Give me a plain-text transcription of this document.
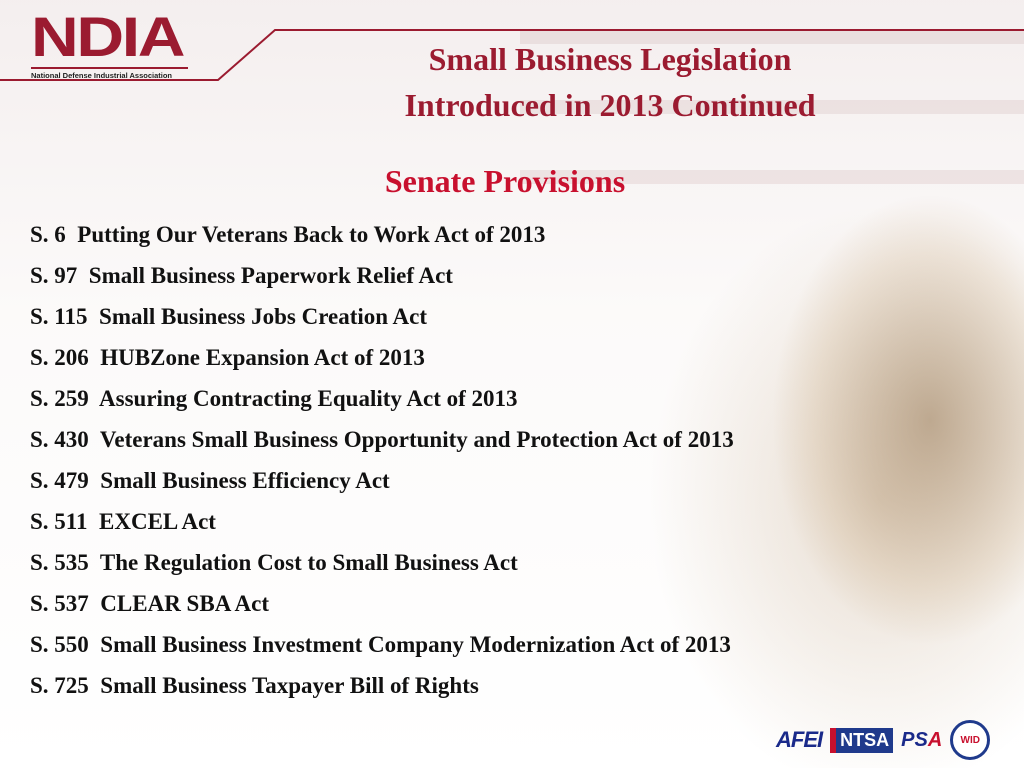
NDIA
National Defense Industrial Association	Small Business Legislation
Introduced in 2013 Continued
Senate Provisions
S. 6 Putting Our Veterans Back to Work Act of 2013
S. 97 Small Business Paperwork Relief Act
S. 115 Small Business Jobs Creation Act
S. 206 HUBZone Expansion Act of 2013
S. 259 Assuring Contracting Equality Act of 2013
S. 430 Veterans Small Business Opportunity and Protection Act of 2013
S. 479 Small Business Efficiency Act
S. 511 EXCEL Act
S. 535 The Regulation Cost to Small Business Act
S. 537 CLEAR SBA Act
S. 550 Small Business Investment Company Modernization Act of 2013
S. 725 Small Business Taxpayer Bill of Rights
AFEI	NTSA PSA	WID
